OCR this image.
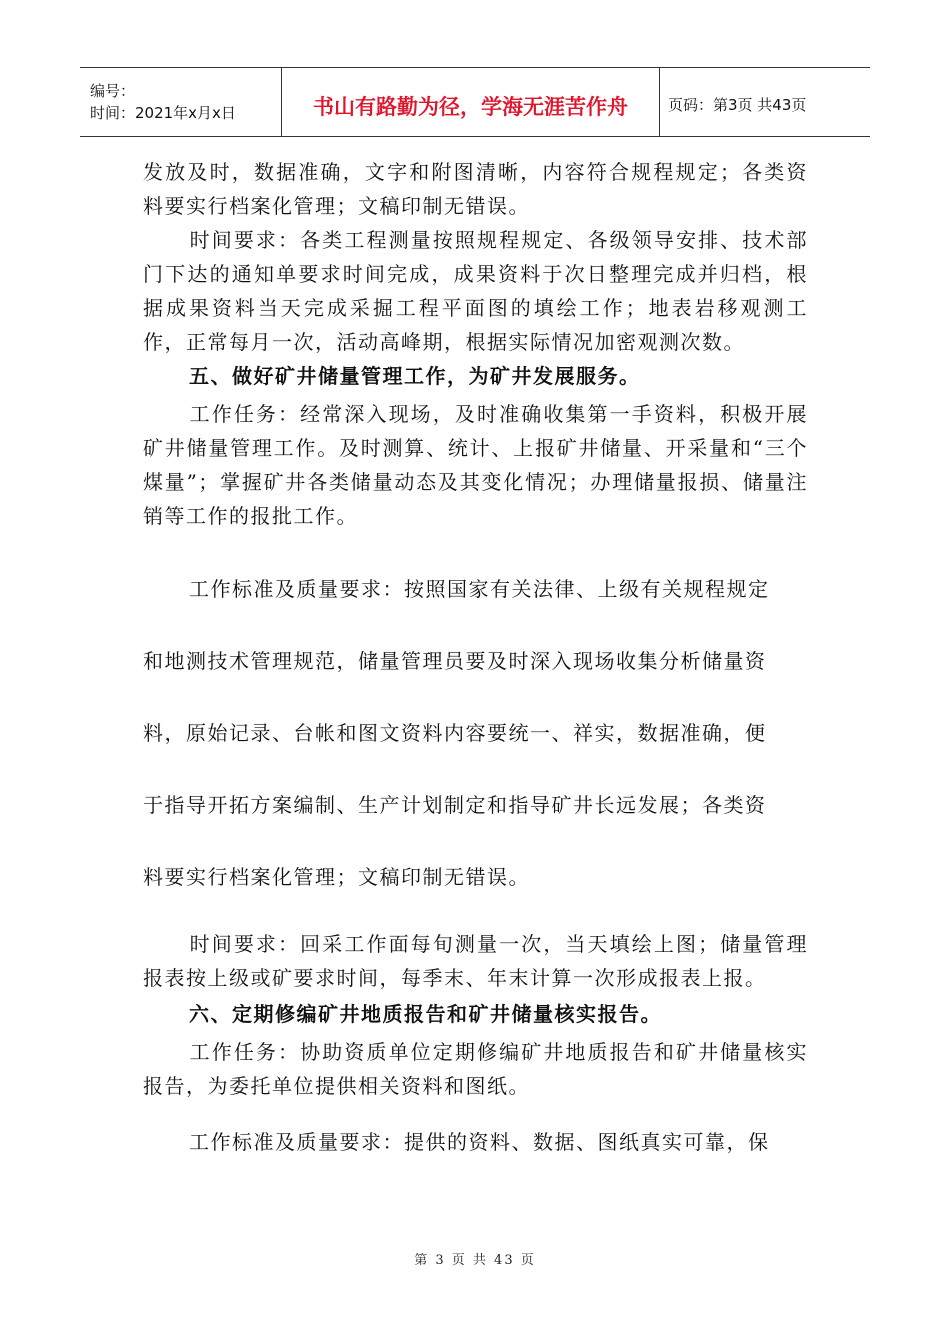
编号：
时间：2021年x月x日	书山有路勤为径，学海无涯苦作舟	页码：第3页 共43页

发放及时，数据准确，文字和附图清晰，内容符合规程规定；各类资料要实行档案化管理；文稿印制无错误。

时间要求：各类工程测量按照规程规定、各级领导安排、技术部门下达的通知单要求时间完成，成果资料于次日整理完成并归档，根据成果资料当天完成采掘工程平面图的填绘工作；地表岩移观测工作，正常每月一次，活动高峰期，根据实际情况加密观测次数。

五、做好矿井储量管理工作，为矿井发展服务。

工作任务：经常深入现场，及时准确收集第一手资料，积极开展矿井储量管理工作。及时测算、统计、上报矿井储量、开采量和“三个煤量”；掌握矿井各类储量动态及其变化情况；办理储量报损、储量注销等工作的报批工作。

工作标准及质量要求：按照国家有关法律、上级有关规程规定

和地测技术管理规范，储量管理员要及时深入现场收集分析储量资

料，原始记录、台帐和图文资料内容要统一、祥实，数据准确，便

于指导开拓方案编制、生产计划制定和指导矿井长远发展；各类资

料要实行档案化管理；文稿印制无错误。

时间要求：回采工作面每旬测量一次，当天填绘上图；储量管理报表按上级或矿要求时间，每季末、年末计算一次形成报表上报。

六、定期修编矿井地质报告和矿井储量核实报告。

工作任务：协助资质单位定期修编矿井地质报告和矿井储量核实报告，为委托单位提供相关资料和图纸。

工作标准及质量要求：提供的资料、数据、图纸真实可靠，保

第 3 页 共 43 页
